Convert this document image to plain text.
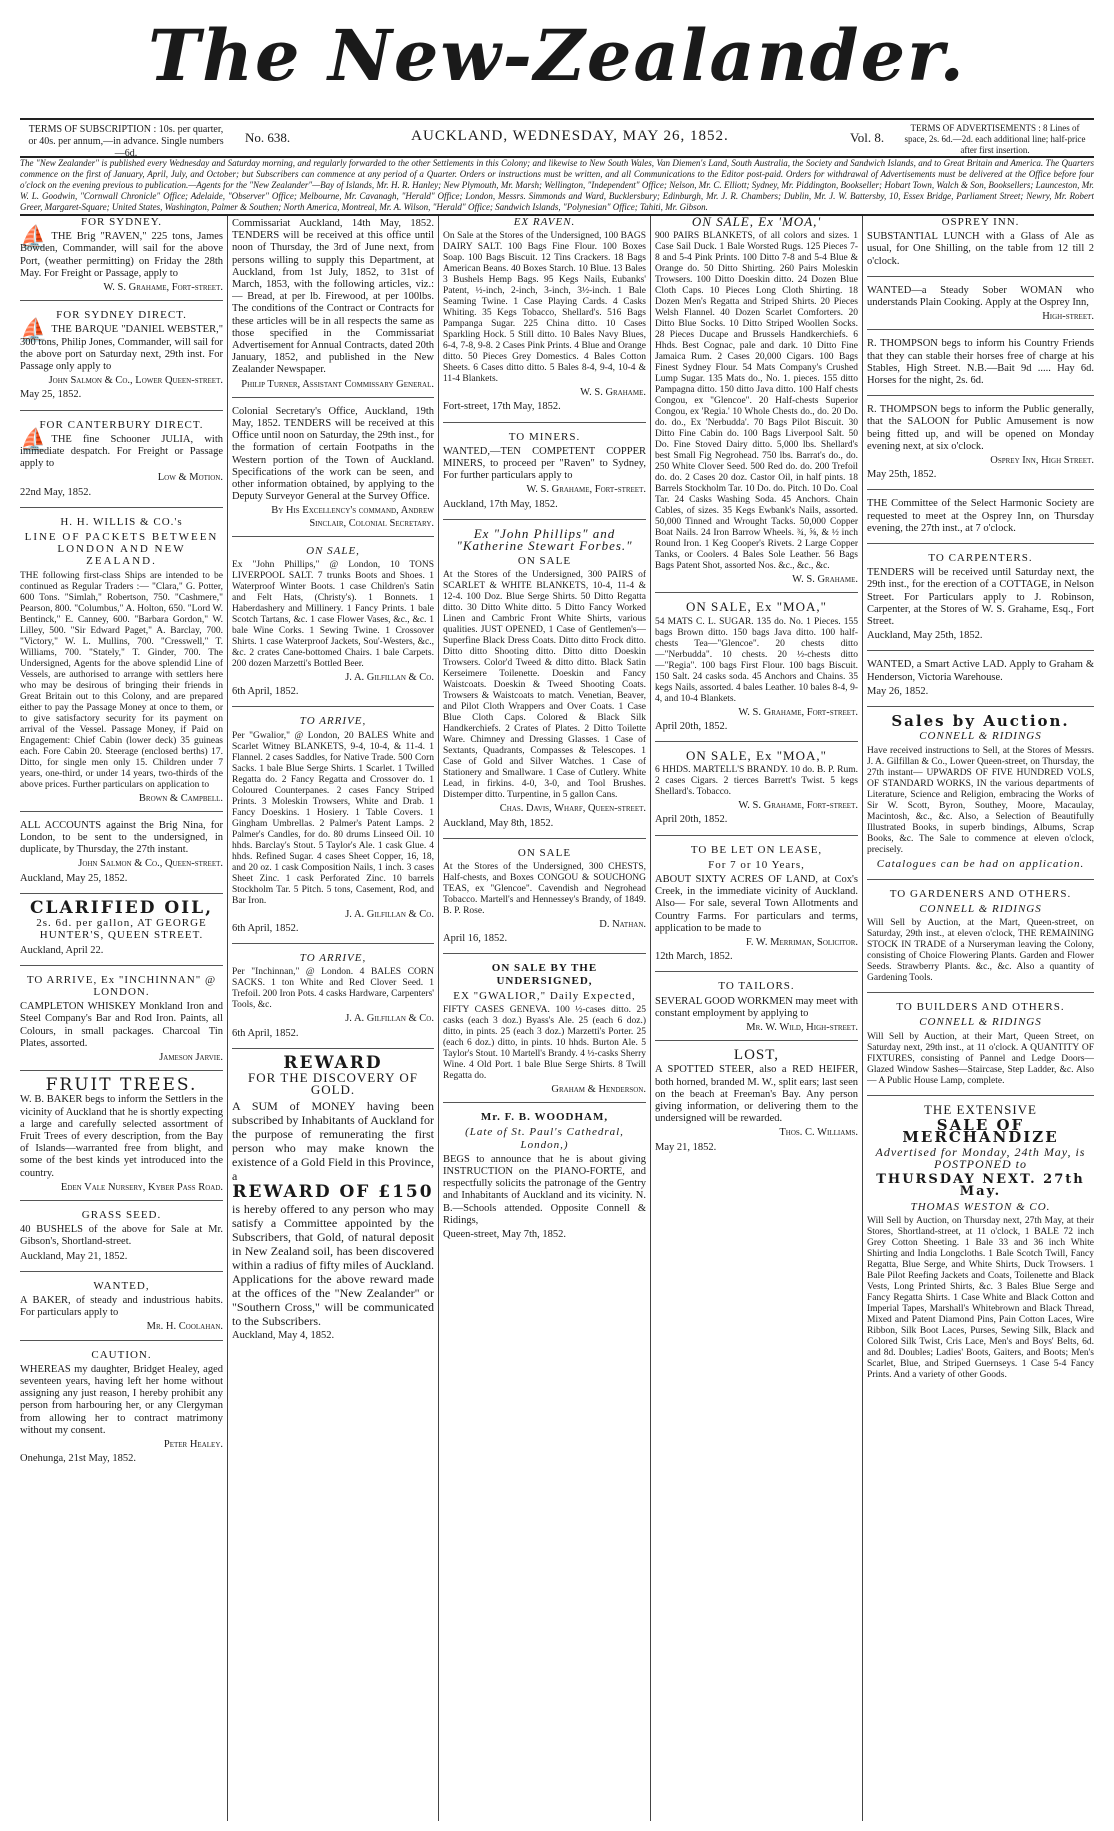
The New-Zealander.
TERMS OF SUBSCRIPTION : 10s. per quarter, or 40s. per annum,—in advance. Single numbers—6d.
No. 638.	AUCKLAND, WEDNESDAY, MAY 26, 1852.	Vol. 8.
TERMS OF ADVERTISEMENTS : 8 Lines of space, 2s. 6d.—2d. each additional line; half-price after first insertion.
The "New Zealander" is published every Wednesday and Saturday morning, and regularly forwarded to the other Settlements in this Colony; and likewise to New South Wales, Van Diemen's Land, South Australia, the Society and Sandwich Islands, and to Great Britain and America. The Quarters commence on the first of January, April, July, and October; but Subscribers can commence at any period of a Quarter. Orders or instructions must be written, and all Communications to the Editor post-paid. Orders for withdrawal of Advertisements must be delivered at the Office before four o'clock on the evening previous to publication.—Agents for the "New Zealander"—Bay of Islands, Mr. H. R. Hanley; New Plymouth, Mr. Marsh; Wellington, "Independent" Office; Nelson, Mr. C. Elliott; Sydney, Mr. Piddington, Bookseller; Hobart Town, Walch & Son, Booksellers; Launceston, Mr. W. L. Goodwin, "Cornwall Chronicle" Office; Adelaide, "Observer" Office; Melbourne, Mr. Cavanagh, "Herald" Office; London, Messrs. Simmonds and Ward, Bucklersbury; Edinburgh, Mr. J. R. Chambers; Dublin, Mr. J. W. Battersby, 10, Essex Bridge, Parliament Street; Newry, Mr. Robert Greer, Margaret-Square; United States, Washington, Palmer & Southen; North America, Montreal, Mr. A. Wilson, "Herald" Office; Sandwich Islands, "Polynesian" Office; Tahiti, Mr. Gibson.
FOR SYDNEY.
⛵ THE Brig "RAVEN," 225 tons, James Bowden, Commander, will sail for the above Port, (weather permitting) on Friday the 28th May. For Freight or Passage, apply to

W. S. Grahame, Fort-street.
FOR SYDNEY DIRECT.
⛵ THE BARQUE "DANIEL WEBSTER," 300 tons, Philip Jones, Commander, will sail for the above port on Saturday next, 29th inst. For Passage only apply to

John Salmon & Co., Lower Queen-street.

May 25, 1852.

FOR CANTERBURY DIRECT.
⛵ THE fine Schooner JULIA, with immediate despatch. For Freight or Passage apply to

Low & Motion.

22nd May, 1852.

H. H. WILLIS & CO.'s
LINE OF PACKETS BETWEEN LONDON AND NEW ZEALAND.

THE following first-class Ships are intended to be continued as Regular Traders :— "Clara," G. Potter, 600 Tons. "Simlah," Robertson, 750. "Cashmere," Pearson, 800. "Columbus," A. Holton, 650. "Lord W. Bentinck," E. Canney, 600. "Barbara Gordon," W. Lilley, 500. "Sir Edward Paget," A. Barclay, 700. "Victory," W. L. Mullins, 700. "Cresswell," T. Williams, 700. "Stately," T. Ginder, 700. The Undersigned, Agents for the above splendid Line of Vessels, are authorised to arrange with settlers here who may be desirous of bringing their friends in Great Britain out to this Colony, and are prepared either to pay the Passage Money at once to them, or to give satisfactory security for its payment on arrival of the Vessel. Passage Money, if Paid on Engagement: Chief Cabin (lower deck) 35 guineas each. Fore Cabin 20. Steerage (enclosed berths) 17. Ditto, for single men only 15. Children under 7 years, one-third, or under 14 years, two-thirds of the above prices. Further particulars on application to

Brown & Campbell.

ALL ACCOUNTS against the Brig Nina, for London, to be sent to the undersigned, in duplicate, by Thursday, the 27th instant.

John Salmon & Co., Queen-street.

Auckland, May 25, 1852.

CLARIFIED OIL,
2s. 6d. per gallon, AT GEORGE HUNTER'S, QUEEN STREET.

Auckland, April 22.

TO ARRIVE, Ex "INCHINNAN" @ LONDON.

CAMPLETON WHISKEY Monkland Iron and Steel Company's Bar and Rod Iron. Paints, all Colours, in small packages. Charcoal Tin Plates, assorted.

Jameson Jarvie.
FRUIT TREES.

W. B. BAKER begs to inform the Settlers in the vicinity of Auckland that he is shortly expecting a large and carefully selected assortment of Fruit Trees of every description, from the Bay of Islands—warranted free from blight, and some of the best kinds yet introduced into the country.

Eden Vale Nursery, Kyber Pass Road.
GRASS SEED.

40 BUSHELS of the above for Sale at Mr. Gibson's, Shortland-street.

Auckland, May 21, 1852.

WANTED,

A BAKER, of steady and industrious habits. For particulars apply to

Mr. H. Coolahan.
CAUTION.

WHEREAS my daughter, Bridget Healey, aged seventeen years, having left her home without assigning any just reason, I hereby prohibit any person from harbouring her, or any Clergyman from allowing her to contract matrimony without my consent.

Peter Healey.

Onehunga, 21st May, 1852.

Commissariat Auckland, 14th May, 1852. TENDERS will be received at this office until noon of Thursday, the 3rd of June next, from persons willing to supply this Department, at Auckland, from 1st July, 1852, to 31st of March, 1853, with the following articles, viz.:— Bread, at per lb. Firewood, at per 100lbs. The conditions of the Contract or Contracts for these articles will be in all respects the same as those specified in the Commissariat Advertisement for Annual Contracts, dated 20th January, 1852, and published in the New Zealander Newspaper.

Philip Turner, Assistant Commissary General.

Colonial Secretary's Office, Auckland, 19th May, 1852. TENDERS will be received at this Office until noon on Saturday, the 29th inst., for the formation of certain Footpaths in the Western portion of the Town of Auckland. Specifications of the work can be seen, and other information obtained, by applying to the Deputy Surveyor General at the Survey Office.

By His Excellency's command, Andrew Sinclair, Colonial Secretary.
ON SALE,

Ex "John Phillips," @ London, 10 TONS LIVERPOOL SALT. 7 trunks Boots and Shoes. 1 Waterproof Winter Boots. 1 case Children's Satin and Felt Hats, (Christy's). 1 Bonnets. 1 Haberdashery and Millinery. 1 Fancy Prints. 1 bale Scotch Tartans, &c. 1 case Flower Vases, &c., &c. 1 bale Wine Corks. 1 Sewing Twine. 1 Crossover Shirts. 1 case Waterproof Jackets, Sou'-Westers, &c., &c. 2 crates Cane-bottomed Chairs. 1 bale Carpets. 200 dozen Marzetti's Bottled Beer.

J. A. Gilfillan & Co.

6th April, 1852.

TO ARRIVE,

Per "Gwalior," @ London, 20 BALES White and Scarlet Witney BLANKETS, 9-4, 10-4, & 11-4. 1 Flannel. 2 cases Saddles, for Native Trade. 500 Corn Sacks. 1 bale Blue Serge Shirts. 1 Scarlet. 1 Twilled Regatta do. 2 Fancy Regatta and Crossover do. 1 Coloured Counterpanes. 2 cases Fancy Striped Prints. 3 Moleskin Trowsers, White and Drab. 1 Fancy Doeskins. 1 Hosiery. 1 Table Covers. 1 Gingham Umbrellas. 2 Palmer's Patent Lamps. 2 Palmer's Candles, for do. 80 drums Linseed Oil. 10 hhds. Barclay's Stout. 5 Taylor's Ale. 1 cask Glue. 4 hhds. Refined Sugar. 4 cases Sheet Copper, 16, 18, and 20 oz. 1 cask Composition Nails, 1 inch. 3 cases Sheet Zinc. 1 cask Perforated Zinc. 10 barrels Stockholm Tar. 5 Pitch. 5 tons, Casement, Rod, and Bar Iron.

J. A. Gilfillan & Co.

6th April, 1852.

TO ARRIVE,

Per "Inchinnan," @ London. 4 BALES CORN SACKS. 1 ton White and Red Clover Seed. 1 Trefoil. 200 Iron Pots. 4 casks Hardware, Carpenters' Tools, &c.

J. A. Gilfillan & Co.

6th April, 1852.

REWARD
FOR THE DISCOVERY OF GOLD.

A SUM of MONEY having been subscribed by Inhabitants of Auckland for the purpose of remunerating the first person who may make known the existence of a Gold Field in this Province, a

REWARD OF £150

is hereby offered to any person who may satisfy a Committee appointed by the Subscribers, that Gold, of natural deposit in New Zealand soil, has been discovered within a radius of fifty miles of Auckland. Applications for the above reward made at the offices of the "New Zealander" or "Southern Cross," will be communicated to the Subscribers.

Auckland, May 4, 1852.

EX RAVEN.

On Sale at the Stores of the Undersigned, 100 BAGS DAIRY SALT. 100 Bags Fine Flour. 100 Boxes Soap. 100 Bags Biscuit. 12 Tins Crackers. 18 Bags American Beans. 40 Boxes Starch. 10 Blue. 13 Bales 3 Bushels Hemp Bags. 95 Kegs Nails, Eubanks' Patent, ½-inch, 2-inch, 3-inch, 3½-inch. 1 Bale Seaming Twine. 1 Case Playing Cards. 4 Casks Whiting. 35 Kegs Tobacco, Shellard's. 516 Bags Pampanga Sugar. 225 China ditto. 10 Cases Sparkling Hock. 5 Still ditto. 10 Bales Navy Blues, 6-4, 7-8, 9-8. 2 Cases Pink Prints. 4 Blue and Orange ditto. 50 Pieces Grey Domestics. 4 Bales Cotton Sheets. 6 Cases ditto ditto. 5 Bales 8-4, 9-4, 10-4 & 11-4 Blankets.

W. S. Grahame.

Fort-street, 17th May, 1852.

TO MINERS.

WANTED,—TEN COMPETENT COPPER MINERS, to proceed per "Raven" to Sydney, For further particulars apply to

W. S. Grahame, Fort-street.

Auckland, 17th May, 1852.

Ex "John Phillips" and "Katherine Stewart Forbes."
ON SALE

At the Stores of the Undersigned, 300 PAIRS of SCARLET & WHITE BLANKETS, 10-4, 11-4 & 12-4. 100 Doz. Blue Serge Shirts. 50 Ditto Regatta ditto. 30 Ditto White ditto. 5 Ditto Fancy Worked Linen and Cambric Front White Shirts, various qualities. JUST OPENED, 1 Case of Gentlemen's— Superfine Black Dress Coats. Ditto ditto Frock ditto. Ditto ditto Shooting ditto. Ditto ditto Doeskin Trowsers. Color'd Tweed & ditto ditto. Black Satin Kerseimere Toilenette. Doeskin and Fancy Waistcoats. Doeskin & Tweed Shooting Coats. Trowsers & Waistcoats to match. Venetian, Beaver, and Pilot Cloth Wrappers and Over Coats. 1 Case Blue Cloth Caps. Colored & Black Silk Handkerchiefs. 2 Crates of Plates. 2 Ditto Toilette Ware. Chimney and Dressing Glasses. 1 Case of Sextants, Quadrants, Compasses & Telescopes. 1 Case of Gold and Silver Watches. 1 Case of Stationery and Smallware. 1 Case of Cutlery. White Lead, in firkins. 4-0, 3-0, and Tool Brushes. Distemper ditto. Turpentine, in 5 gallon Cans.

Chas. Davis, Wharf, Queen-street.

Auckland, May 8th, 1852.

ON SALE

At the Stores of the Undersigned, 300 CHESTS, Half-chests, and Boxes CONGOU & SOUCHONG TEAS, ex "Glencoe". Cavendish and Negrohead Tobacco. Martell's and Hennessey's Brandy, of 1849. B. P. Rose.

D. Nathan.

April 16, 1852.

ON SALE BY THE UNDERSIGNED,
EX "GWALIOR," Daily Expected,

FIFTY CASES GENEVA. 100 ½-cases ditto. 25 casks (each 3 doz.) Byass's Ale. 25 (each 6 doz.) ditto, in pints. 25 (each 3 doz.) Marzetti's Porter. 25 (each 6 doz.) ditto, in pints. 10 hhds. Burton Ale. 5 Taylor's Stout. 10 Martell's Brandy. 4 ½-casks Sherry Wine. 4 Old Port. 1 bale Blue Serge Shirts. 8 Twill Regatta do.

Graham & Henderson.
Mr. F. B. WOODHAM,
(Late of St. Paul's Cathedral, London,)

BEGS to announce that he is about giving INSTRUCTION on the PIANO-FORTE, and respectfully solicits the patronage of the Gentry and Inhabitants of Auckland and its vicinity. N. B.—Schools attended. Opposite Connell & Ridings,

Queen-street, May 7th, 1852.

ON SALE, Ex 'MOA,'

900 PAIRS BLANKETS, of all colors and sizes. 1 Case Sail Duck. 1 Bale Worsted Rugs. 125 Pieces 7-8 and 5-4 Pink Prints. 100 Ditto 7-8 and 5-4 Blue & Orange do. 50 Ditto Shirting. 260 Pairs Moleskin Trowsers. 100 Ditto Doeskin ditto. 24 Dozen Blue Cloth Caps. 10 Pieces Long Cloth Shirting. 18 Dozen Men's Regatta and Striped Shirts. 20 Pieces Welsh Flannel. 40 Dozen Scarlet Comforters. 20 Ditto Blue Socks. 10 Ditto Striped Woollen Socks. 28 Pieces Ducape and Brussels Handkerchiefs. 6 Hhds. Best Cognac, pale and dark. 10 Ditto Fine Jamaica Rum. 2 Cases 20,000 Cigars. 100 Bags Finest Sydney Flour. 54 Mats Company's Crushed Lump Sugar. 135 Mats do., No. 1. pieces. 155 ditto Pampagna ditto. 150 ditto Java ditto. 100 Half chests Congou, ex "Glencoe". 20 Half-chests Superior Congou, ex 'Regia.' 10 Whole Chests do., do. 20 Do. do. do., Ex 'Nerbudda'. 70 Bags Pilot Biscuit. 30 Ditto Fine Cabin do. 100 Bags Liverpool Salt. 50 Do. Fine Stoved Dairy ditto. 5,000 lbs. Shellard's best Small Fig Negrohead. 750 lbs. Barrat's do., do. 250 White Clover Seed. 500 Red do. do. 200 Trefoil do. do. 2 Cases 20 doz. Castor Oil, in half pints. 18 Barrels Stockholm Tar. 10 Do. do. Pitch. 10 Do. Coal Tar. 24 Casks Washing Soda. 45 Anchors. Chain Cables, of sizes. 35 Kegs Ewbank's Nails, assorted. 50,000 Tinned and Wrought Tacks. 50,000 Copper Boat Nails. 24 Iron Barrow Wheels. ¾, ⅝, & ½ inch Round Iron. 1 Keg Cooper's Rivets. 2 Large Copper Tanks, or Coolers. 4 Bales Sole Leather. 56 Bags Bags Patent Shot, assorted Nos. &c., &c., &c.

W. S. Grahame.
ON SALE, Ex "MOA,"

54 MATS C. L. SUGAR. 135 do. No. 1 Pieces. 155 bags Brown ditto. 150 bags Java ditto. 100 half-chests Tea—"Glencoe". 20 chests ditto—"Nerbudda". 10 chests. 20 ½-chests ditto—"Regia". 100 bags First Flour. 100 bags Biscuit. 150 Salt. 24 casks soda. 45 Anchors and Chains. 35 kegs Nails, assorted. 4 bales Leather. 10 bales 8-4, 9-4, and 10-4 Blankets.

W. S. Grahame, Fort-street.

April 20th, 1852.

ON SALE, Ex "MOA,"

6 HHDS. MARTELL'S BRANDY. 10 do. B. P. Rum. 2 cases Cigars. 2 tierces Barrett's Twist. 5 kegs Shellard's. Tobacco.

W. S. Grahame, Fort-street.

April 20th, 1852.

TO BE LET ON LEASE,
For 7 or 10 Years,

ABOUT SIXTY ACRES OF LAND, at Cox's Creek, in the immediate vicinity of Auckland. Also— For sale, several Town Allotments and Country Farms. For particulars and terms, application to be made to

F. W. Merriman, Solicitor.

12th March, 1852.

TO TAILORS.

SEVERAL GOOD WORKMEN may meet with constant employment by applying to

Mr. W. Wild, High-street.
LOST,

A SPOTTED STEER, also a RED HEIFER, both horned, branded M. W., split ears; last seen on the beach at Freeman's Bay. Any person giving information, or delivering them to the undersigned will be rewarded.

Thos. C. Williams.

May 21, 1852.

OSPREY INN.

SUBSTANTIAL LUNCH with a Glass of Ale as usual, for One Shilling, on the table from 12 till 2 o'clock.

WANTED—a Steady Sober WOMAN who understands Plain Cooking. Apply at the Osprey Inn,

High-street.

R. THOMPSON begs to inform his Country Friends that they can stable their horses free of charge at his Stables, High Street. N.B.—Bait 9d ..... Hay 6d. Horses for the night, 2s. 6d.

R. THOMPSON begs to inform the Public generally, that the SALOON for Public Amusement is now being fitted up, and will be opened on Monday evening next, at six o'clock.

Osprey Inn, High Street.

May 25th, 1852.

THE Committee of the Select Harmonic Society are requested to meet at the Osprey Inn, on Thursday evening, the 27th inst., at 7 o'clock.

TO CARPENTERS.

TENDERS will be received until Saturday next, the 29th inst., for the erection of a COTTAGE, in Nelson Street. For Particulars apply to J. Robinson, Carpenter, at the Stores of W. S. Grahame, Esq., Fort Street.

Auckland, May 25th, 1852.

WANTED, a Smart Active LAD. Apply to Graham & Henderson, Victoria Warehouse.

May 26, 1852.

Sales by Auction.
CONNELL & RIDINGS

Have received instructions to Sell, at the Stores of Messrs. J. A. Gilfillan & Co., Lower Queen-street, on Thursday, the 27th instant— UPWARDS OF FIVE HUNDRED VOLS, OF STANDARD WORKS, IN the various departments of Literature, Science and Religion, embracing the Works of Sir W. Scott, Byron, Southey, Moore, Macaulay, Macintosh, &c., &c. Also, a Selection of Beautifully Illustrated Books, in superb bindings, Albums, Scrap Books, &c. The Sale to commence at eleven o'clock, precisely.

Catalogues can be had on application.
TO GARDENERS AND OTHERS.
CONNELL & RIDINGS

Will Sell by Auction, at the Mart, Queen-street, on Saturday, 29th inst., at eleven o'clock, THE REMAINING STOCK IN TRADE of a Nurseryman leaving the Colony, consisting of Choice Flowering Plants. Garden and Flower Seeds. Strawberry Plants. &c., &c. Also a quantity of Gardening Tools.

TO BUILDERS AND OTHERS.
CONNELL & RIDINGS

Will Sell by Auction, at their Mart, Queen Street, on Saturday next, 29th inst., at 11 o'clock. A QUANTITY OF FIXTURES, consisting of Pannel and Ledge Doors—Glazed Window Sashes—Staircase, Step Ladder, &c. Also— A Public House Lamp, complete.

THE EXTENSIVE
SALE OF MERCHANDIZE
Advertised for Monday, 24th May, is POSTPONED to
THURSDAY NEXT. 27th May.
THOMAS WESTON & CO.

Will Sell by Auction, on Thursday next, 27th May, at their Stores, Shortland-street, at 11 o'clock, 1 BALE 72 inch Grey Cotton Sheeting. 1 Bale 33 and 36 inch White Shirting and India Longcloths. 1 Bale Scotch Twill, Fancy Regatta, Blue Serge, and White Shirts, Duck Trowsers. 1 Bale Pilot Reefing Jackets and Coats, Toilenette and Black Vests, Long Printed Shirts, &c. 3 Bales Blue Serge and Fancy Regatta Shirts. 1 Case White and Black Cotton and Imperial Tapes, Marshall's Whitebrown and Black Thread, Mixed and Patent Diamond Pins, Pain Cotton Laces, Wire Ribbon, Silk Boot Laces, Purses, Sewing Silk, Black and Colored Silk Twist, Cris Lace, Men's and Boys' Belts, 6d. and 8d. Doubles; Ladies' Boots, Gaiters, and Boots; Men's Scarlet, Blue, and Striped Guernseys. 1 Case 5-4 Fancy Prints. And a variety of other Goods.
